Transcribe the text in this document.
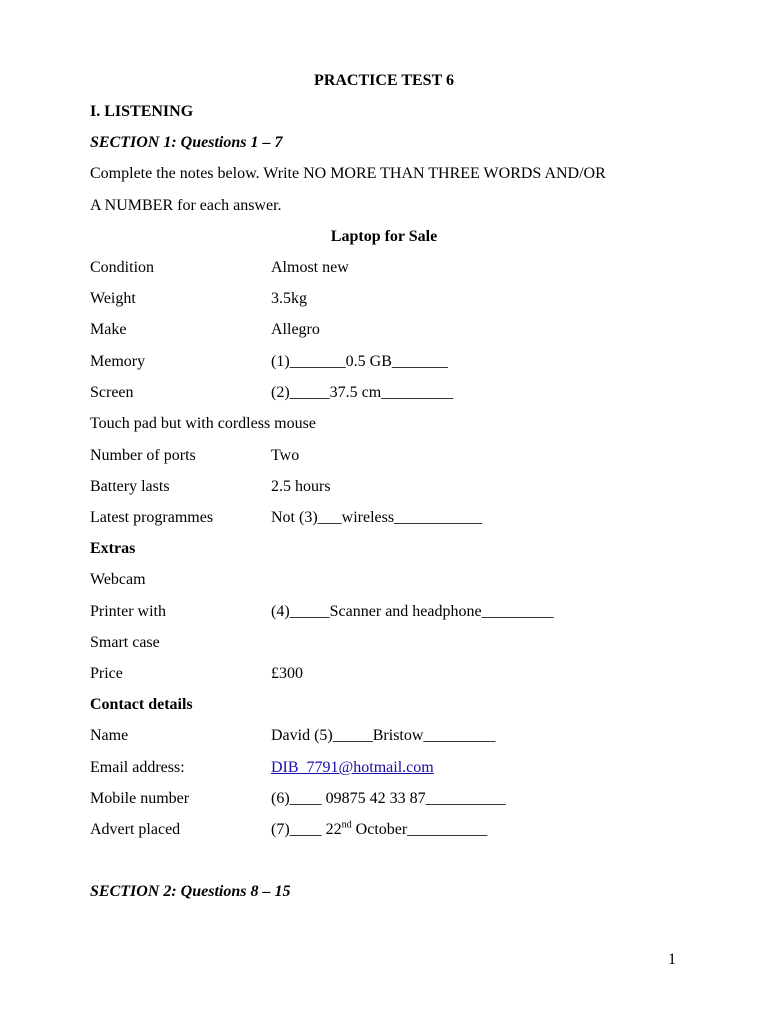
PRACTICE TEST 6
I. LISTENING
SECTION 1: Questions 1 – 7
Complete the notes below. Write NO MORE THAN THREE WORDS AND/OR
A NUMBER for each answer.
Laptop for Sale
Condition	Almost new
Weight	3.5kg
Make	Allegro
Memory	(1)_______0.5 GB_______
Screen	(2)_____37.5 cm_________
Touch pad but with cordless mouse
Number of ports	Two
Battery lasts	2.5 hours
Latest programmes	Not (3)___wireless___________
Extras
Webcam
Printer with	(4)_____Scanner and headphone_________
Smart case
Price	£300
Contact details
Name	David (5)_____Bristow_________
Email address:	DIB_7791@hotmail.com
Mobile number	(6)____ 09875 42 33 87__________
Advert placed	(7)____ 22nd October__________
SECTION 2: Questions 8 – 15
1
